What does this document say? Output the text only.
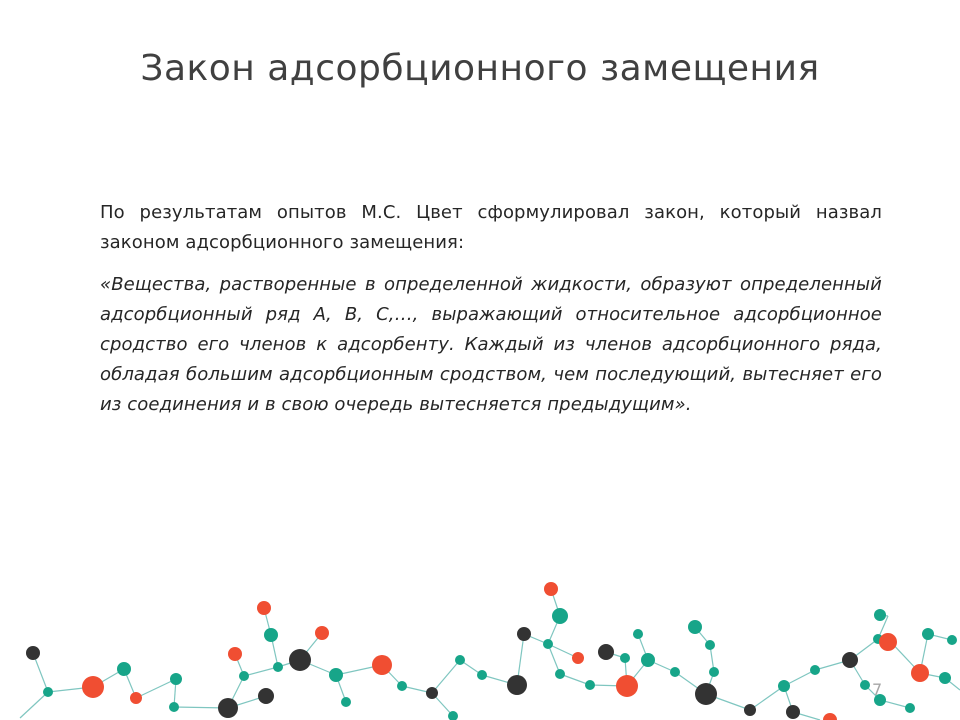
Закон адсорбционного замещения

По результатам опытов М.С. Цвет сформулировал закон, который назвал законом адсорбционного замещения:

«Вещества, растворенные в определенной жидкости, образуют определенный адсорбционный ряд А, В, С,…, выражающий относительное адсорбционное сродство его членов к адсорбенту. Каждый из членов адсорбционного ряда, обладая большим адсорбционным сродством, чем последующий, вытесняет его из соединения и в свою очередь вытесняется предыдущим».

7
